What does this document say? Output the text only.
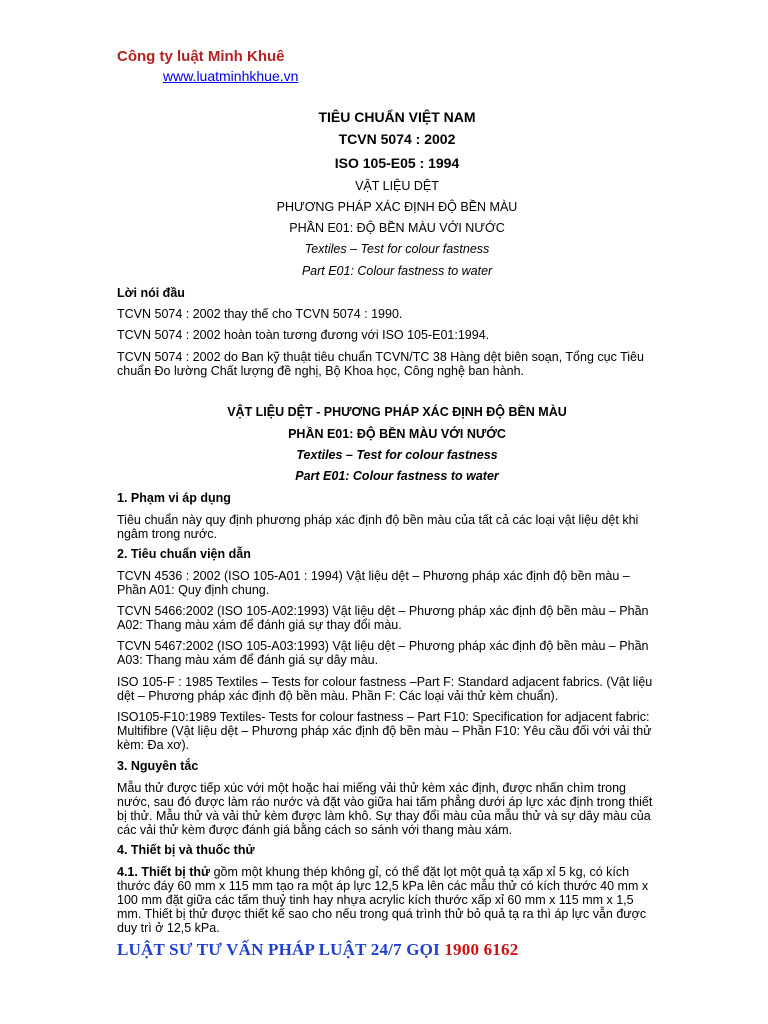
Công ty luật Minh Khuê
www.luatminhkhue.vn
TIÊU CHUẨN VIỆT NAM
TCVN 5074 : 2002
ISO 105-E05 : 1994
VẬT LIỆU DỆT
PHƯƠNG PHÁP XÁC ĐỊNH ĐỘ BỀN MÀU
PHẦN E01: ĐỘ BỀN MÀU VỚI NƯỚC
Textiles – Test for colour fastness
Part E01: Colour fastness to water
Lời nói đầu
TCVN 5074 : 2002 thay thế cho TCVN 5074 : 1990.
TCVN 5074 : 2002 hoàn toàn tương đương với ISO 105-E01:1994.
TCVN 5074 : 2002 do Ban kỹ thuật tiêu chuẩn TCVN/TC 38 Hàng dệt biên soạn, Tổng cục Tiêu
chuẩn Đo lường Chất lượng đề nghị, Bộ Khoa học, Công nghệ ban hành.
VẬT LIỆU DỆT - PHƯƠNG PHÁP XÁC ĐỊNH ĐỘ BỀN MÀU
PHẦN E01: ĐỘ BỀN MÀU VỚI NƯỚC
Textiles – Test for colour fastness
Part E01: Colour fastness to water
1. Phạm vi áp dụng
Tiêu chuẩn này quy định phương pháp xác định độ bền màu của tất cả các loại vật liệu dệt khi
ngâm trong nước.
2. Tiêu chuẩn viện dẫn
TCVN 4536 : 2002 (ISO 105-A01 : 1994) Vật liệu dệt – Phương pháp xác định độ bền màu –
Phần A01: Quy định chung.
TCVN 5466:2002 (ISO 105-A02:1993) Vật liệu dệt – Phương pháp xác định độ bền màu – Phần
A02: Thang màu xám để đánh giá sự thay đổi màu.
TCVN 5467:2002 (ISO 105-A03:1993) Vật liệu dệt – Phương pháp xác định độ bền màu – Phần
A03: Thang màu xám để đánh giá sự dây màu.
ISO 105-F : 1985 Textiles – Tests for colour fastness –Part F: Standard adjacent fabrics. (Vật liệu
dệt – Phương pháp xác định độ bền màu. Phần F: Các loại vải thử kèm chuẩn).
ISO105-F10:1989 Textiles- Tests for colour fastness – Part F10: Specification for adjacent fabric:
Multifibre (Vật liệu dệt – Phương pháp xác định độ bền màu – Phần F10: Yêu cầu đối với vải thử
kèm: Đa xơ).
3. Nguyên tắc
Mẫu thử được tiếp xúc với một hoặc hai miếng vải thử kèm xác định, được nhấn chìm trong
nước, sau đó được làm ráo nước và đặt vào giữa hai tấm phẳng dưới áp lực xác định trong thiết
bị thử. Mẫu thử và vải thử kèm được làm khô. Sự thay đổi màu của mẫu thử và sự dây màu của
các vải thử kèm được đánh giá bằng cách so sánh với thang màu xám.
4. Thiết bị và thuốc thử
4.1. Thiết bị thử gồm một khung thép không gỉ, có thể đặt lọt một quả tạ xấp xỉ 5 kg, có kích
thước đáy 60 mm x 115 mm tạo ra một áp lực 12,5 kPa lên các mẫu thử có kích thước 40 mm x
100 mm đặt giữa các tấm thuỷ tinh hay nhựa acrylic kích thước xấp xỉ 60 mm x 115 mm x 1,5
mm. Thiết bị thử được thiết kế sao cho nếu trong quá trình thử bỏ quả tạ ra thì áp lực vẫn được
duy trì ở 12,5 kPa.
LUẬT SƯ TƯ VẤN PHÁP LUẬT 24/7 GỌI 1900 6162
